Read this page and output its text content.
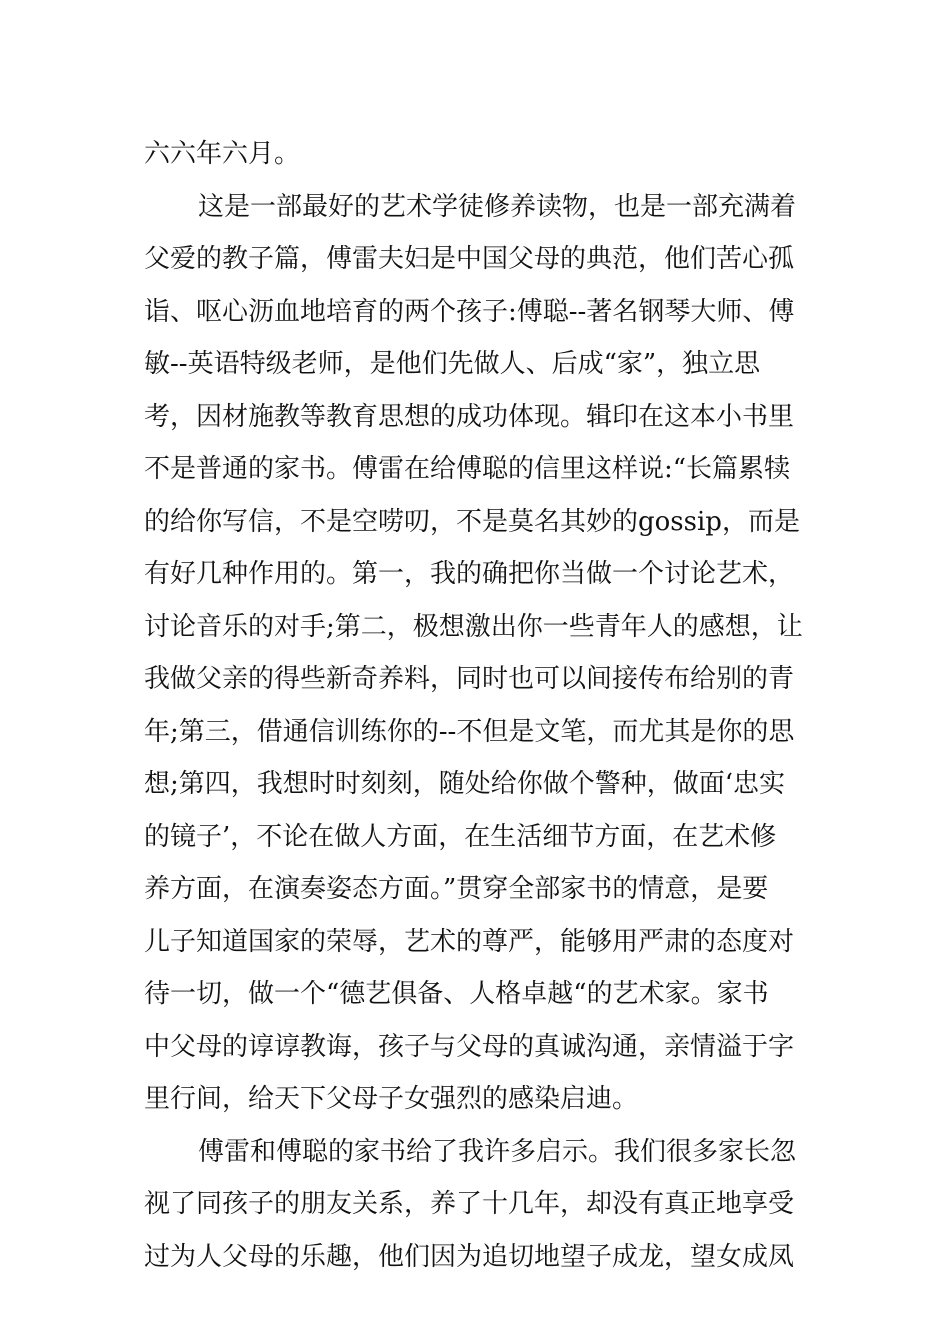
六六年六月。
这是一部最好的艺术学徒修养读物，也是一部充满着
父爱的教子篇，傅雷夫妇是中国父母的典范，他们苦心孤
诣、呕心沥血地培育的两个孩子:傅聪--著名钢琴大师、傅
敏--英语特级老师，是他们先做人、后成“家”，独立思
考，因材施教等教育思想的成功体现。辑印在这本小书里
不是普通的家书。傅雷在给傅聪的信里这样说:“长篇累犊
的给你写信，不是空唠叨，不是莫名其妙的gossip，而是
有好几种作用的。第一，我的确把你当做一个讨论艺术，
讨论音乐的对手;第二，极想激出你一些青年人的感想，让
我做父亲的得些新奇养料，同时也可以间接传布给别的青
年;第三，借通信训练你的--不但是文笔，而尤其是你的思
想;第四，我想时时刻刻，随处给你做个警种，做面‘忠实
的镜子’，不论在做人方面，在生活细节方面，在艺术修
养方面，在演奏姿态方面。”贯穿全部家书的情意，是要
儿子知道国家的荣辱，艺术的尊严，能够用严肃的态度对
待一切，做一个“德艺俱备、人格卓越“的艺术家。家书
中父母的谆谆教诲，孩子与父母的真诚沟通，亲情溢于字
里行间，给天下父母子女强烈的感染启迪。
傅雷和傅聪的家书给了我许多启示。我们很多家长忽
视了同孩子的朋友关系，养了十几年，却没有真正地享受
过为人父母的乐趣，他们因为追切地望子成龙，望女成凤
